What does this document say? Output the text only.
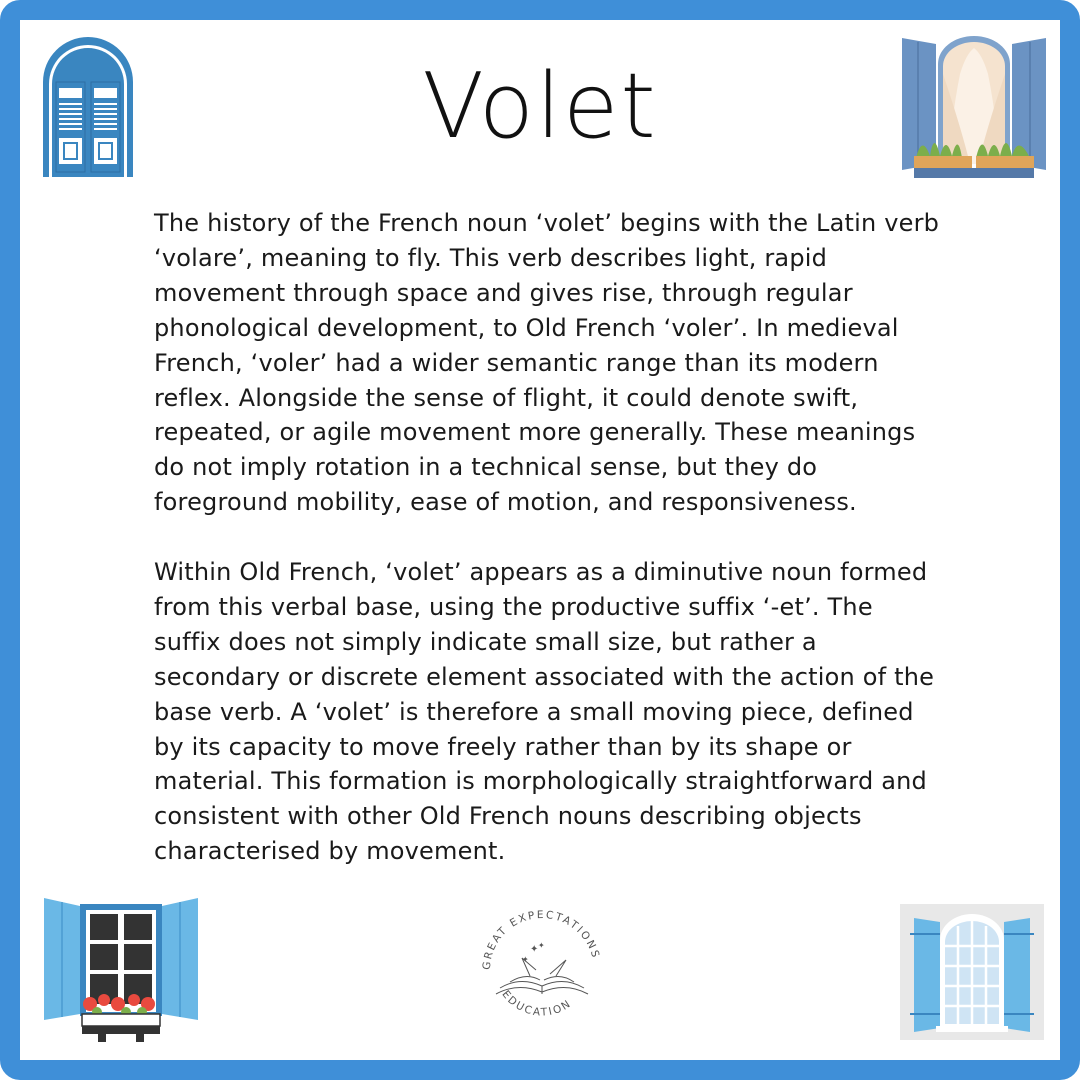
Volet

The history of the French noun ‘volet’ begins with the Latin verb ‘volare’, meaning to fly. This verb describes light, rapid movement through space and gives rise, through regular phonological development, to Old French ‘voler’. In medieval French, ‘voler’ had a wider semantic range than its modern reflex. Alongside the sense of flight, it could denote swift, repeated, or agile movement more generally. These meanings do not imply rotation in a technical sense, but they do foreground mobility, ease of motion, and responsiveness.

Within Old French, ‘volet’ appears as a diminutive noun formed from this verbal base, using the productive suffix ‘-et’. The suffix does not simply indicate small size, but rather a secondary or discrete element associated with the action of the base verb. A ‘volet’ is therefore a small moving piece, defined by its capacity to move freely rather than by its shape or material. This formation is morphologically straightforward and consistent with other Old French nouns describing objects characterised by movement.

GREAT EXPECTATIONS
EDUCATION
✦ ✦
✦
